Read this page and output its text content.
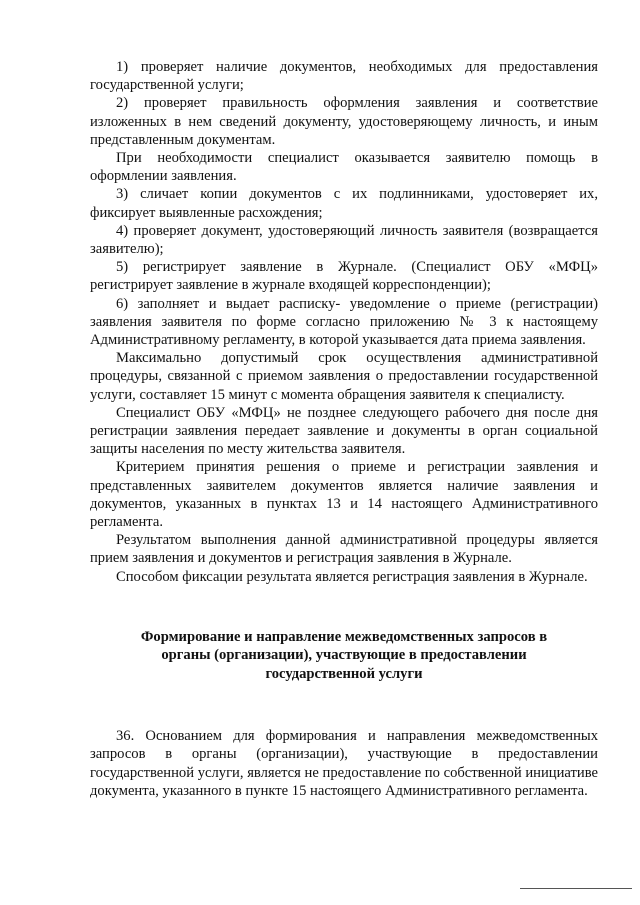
1) проверяет наличие документов, необходимых для предоставления государственной услуги;

2) проверяет правильность оформления заявления и соответствие изложенных в нем сведений документу, удостоверяющему личность, и иным представленным документам.

При необходимости специалист оказывается заявителю помощь в оформлении заявления.

3) сличает копии документов с их подлинниками, удостоверяет их, фиксирует выявленные расхождения;

4) проверяет документ, удостоверяющий личность заявителя (возвращается заявителю);

5) регистрирует заявление в Журнале. (Специалист ОБУ «МФЦ» регистрирует заявление в журнале входящей корреспонденции);

6) заполняет и выдает расписку- уведомление о приеме (регистрации) заявления заявителя по форме согласно приложению № 3 к настоящему Административному регламенту, в которой указывается дата приема заявления.

Максимально допустимый срок осуществления административной процедуры, связанной с приемом заявления о предоставлении государственной услуги, составляет 15 минут с момента обращения заявителя к специалисту.

Специалист ОБУ «МФЦ» не позднее следующего рабочего дня после дня регистрации заявления передает заявление и документы в орган социальной защиты населения по месту жительства заявителя.

Критерием принятия решения о приеме и регистрации заявления и представленных заявителем документов является наличие заявления и документов, указанных в пунктах 13 и 14 настоящего Административного регламента.

Результатом выполнения данной административной процедуры является прием заявления и документов и регистрация заявления в Журнале.

Способом фиксации результата является регистрация заявления в Журнале.

Формирование и направление межведомственных запросов в
органы (организации), участвующие в предоставлении
государственной услуги

36. Основанием для формирования и направления межведомственных запросов в органы (организации), участвующие в предоставлении государственной услуги, является не предоставление по собственной инициативе документа, указанного в пункте 15 настоящего Административного регламента.
